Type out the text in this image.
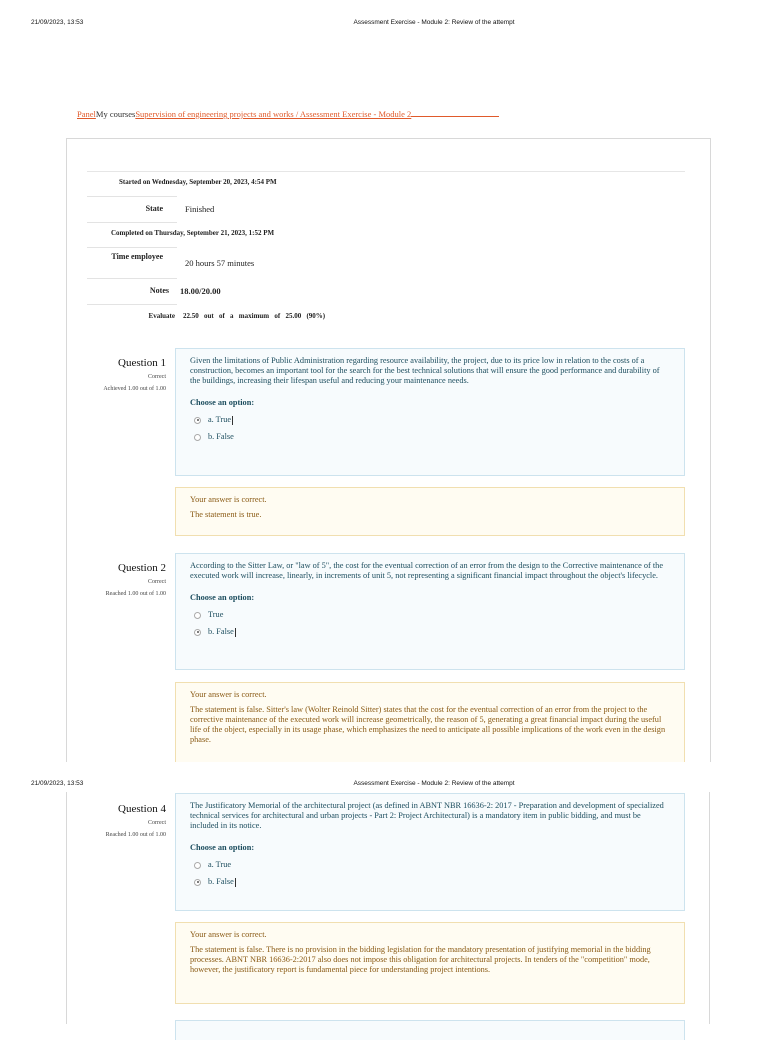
21/09/2023, 13:53	Assessment Exercise - Module 2: Review of the attempt
PanelMy coursesSupervision of engineering projects and works / Assessment Exercise - Module 2
Started on Wednesday, September 20, 2023, 4:54 PM
State	Finished
Completed on Thursday, September 21, 2023, 1:52 PM
Time employee
20 hours 57 minutes
Notes 18.00/20.00
Evaluate 22.50   out   of   a   maximum   of   25.00   (90%)
Question 1
Correct
Achieved 1.00 out of 1.00
Given the limitations of Public Administration regarding resource availability, the project, due to its price low in relation to the costs of a construction, becomes an important tool for the search for the best technical solutions that will ensure the good performance and durability of the buildings, increasing their lifespan useful and reducing your maintenance needs.
Choose an option:
a. True
b. False

Your answer is correct.

The statement is true.

Question 2
Correct
Reached 1.00 out of 1.00
According to the Sitter Law, or "law of 5", the cost for the eventual correction of an error from the design to the Corrective maintenance of the executed work will increase, linearly, in increments of unit 5, not representing a significant financial impact throughout the object's lifecycle.
Choose an option:
True
b. False

Your answer is correct.

The statement is false. Sitter's law (Wolter Reinold Sitter) states that the cost for the eventual correction of an error from the project to the corrective maintenance of the executed work will increase geometrically, the reason of 5, generating a great financial impact during the useful life of the object, especially in its usage phase, which emphasizes the need to anticipate all possible implications of the work even in the design phase.

21/09/2023, 13:53	Assessment Exercise - Module 2: Review of the attempt
Question 4
Correct
Reached 1.00 out of 1.00
The Justificatory Memorial of the architectural project (as defined in ABNT NBR 16636-2: 2017 - Preparation and development of specialized technical services for architectural and urban projects - Part 2: Project Architectural) is a mandatory item in public bidding, and must be included in its notice.
Choose an option:
a. True
b. False

Your answer is correct.

The statement is false. There is no provision in the bidding legislation for the mandatory presentation of justifying memorial in the bidding processes. ABNT NBR 16636-2:2017 also does not impose this obligation for architectural projects. In tenders of the "competition" mode, however, the justificatory report is fundamental piece for understanding project intentions.
